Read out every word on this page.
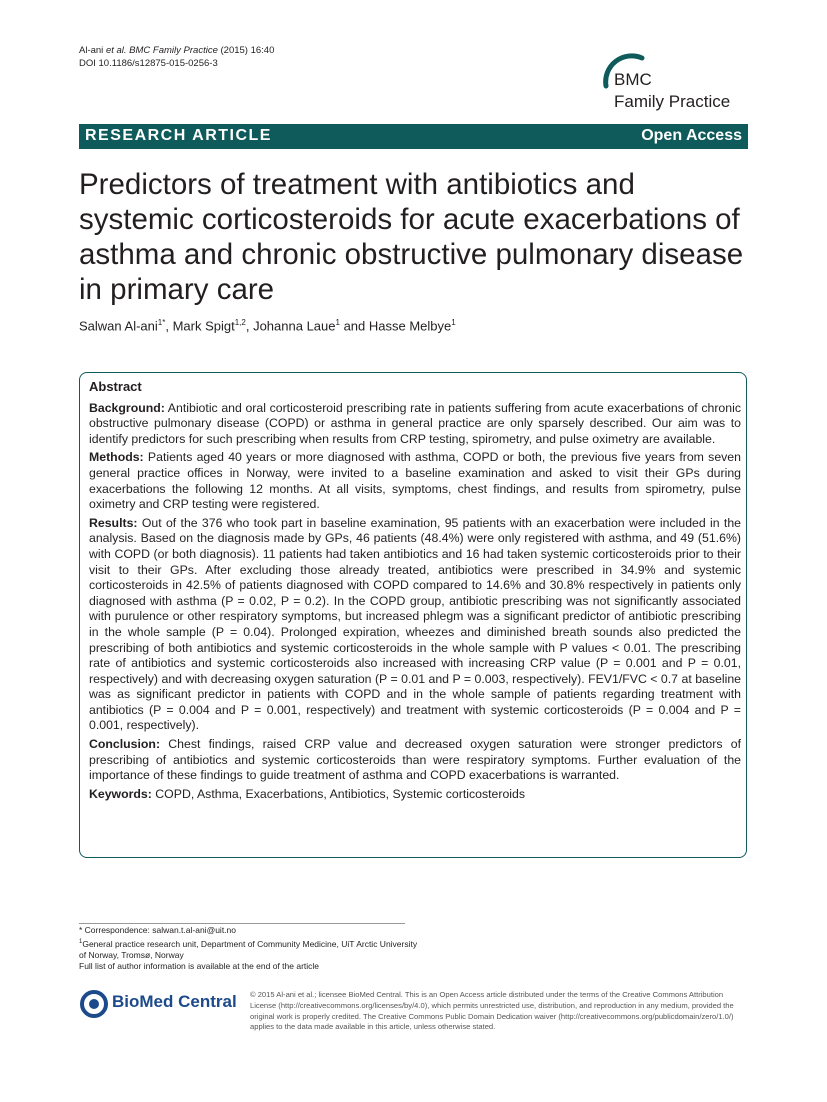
Al-ani et al. BMC Family Practice (2015) 16:40
DOI 10.1186/s12875-015-0256-3
BMC
Family Practice
RESEARCH ARTICLE	Open Access
Predictors of treatment with antibiotics and systemic corticosteroids for acute exacerbations of asthma and chronic obstructive pulmonary disease in primary care
Salwan Al-ani$^{1*}$, Mark Spigt$^{1,2}$, Johanna Laue$^1$ and Hasse Melbye$^1$
Abstract

Background: Antibiotic and oral corticosteroid prescribing rate in patients suffering from acute exacerbations of chronic obstructive pulmonary disease (COPD) or asthma in general practice are only sparsely described. Our aim was to identify predictors for such prescribing when results from CRP testing, spirometry, and pulse oximetry are available.

Methods: Patients aged 40 years or more diagnosed with asthma, COPD or both, the previous five years from seven general practice offices in Norway, were invited to a baseline examination and asked to visit their GPs during exacerbations the following 12 months. At all visits, symptoms, chest findings, and results from spirometry, pulse oximetry and CRP testing were registered.

Results: Out of the 376 who took part in baseline examination, 95 patients with an exacerbation were included in the analysis. Based on the diagnosis made by GPs, 46 patients (48.4%) were only registered with asthma, and 49 (51.6%) with COPD (or both diagnosis). 11 patients had taken antibiotics and 16 had taken systemic corticosteroids prior to their visit to their GPs. After excluding those already treated, antibiotics were prescribed in 34.9% and systemic corticosteroids in 42.5% of patients diagnosed with COPD compared to 14.6% and 30.8% respectively in patients only diagnosed with asthma (P = 0.02, P = 0.2). In the COPD group, antibiotic prescribing was not significantly associated with purulence or other respiratory symptoms, but increased phlegm was a significant predictor of antibiotic prescribing in the whole sample (P = 0.04). Prolonged expiration, wheezes and diminished breath sounds also predicted the prescribing of both antibiotics and systemic corticosteroids in the whole sample with P values < 0.01. The prescribing rate of antibiotics and systemic corticosteroids also increased with increasing CRP value (P = 0.001 and P = 0.01, respectively) and with decreasing oxygen saturation (P = 0.01 and P = 0.003, respectively). FEV1/FVC < 0.7 at baseline was as significant predictor in patients with COPD and in the whole sample of patients regarding treatment with antibiotics (P = 0.004 and P = 0.001, respectively) and treatment with systemic corticosteroids (P = 0.004 and P = 0.001, respectively).

Conclusion: Chest findings, raised CRP value and decreased oxygen saturation were stronger predictors of prescribing of antibiotics and systemic corticosteroids than were respiratory symptoms. Further evaluation of the importance of these findings to guide treatment of asthma and COPD exacerbations is warranted.

Keywords: COPD, Asthma, Exacerbations, Antibiotics, Systemic corticosteroids

* Correspondence: salwan.t.al-ani@uit.no
$^1$General practice research unit, Department of Community Medicine, UiT Arctic University of Norway, Tromsø, Norway
Full list of author information is available at the end of the article
BioMed Central © 2015 Al-ani et al.; licensee BioMed Central. This is an Open Access article distributed under the terms of the Creative Commons Attribution License (http://creativecommons.org/licenses/by/4.0), which permits unrestricted use, distribution, and reproduction in any medium, provided the original work is properly credited. The Creative Commons Public Domain Dedication waiver (http://creativecommons.org/publicdomain/zero/1.0/) applies to the data made available in this article, unless otherwise stated.
